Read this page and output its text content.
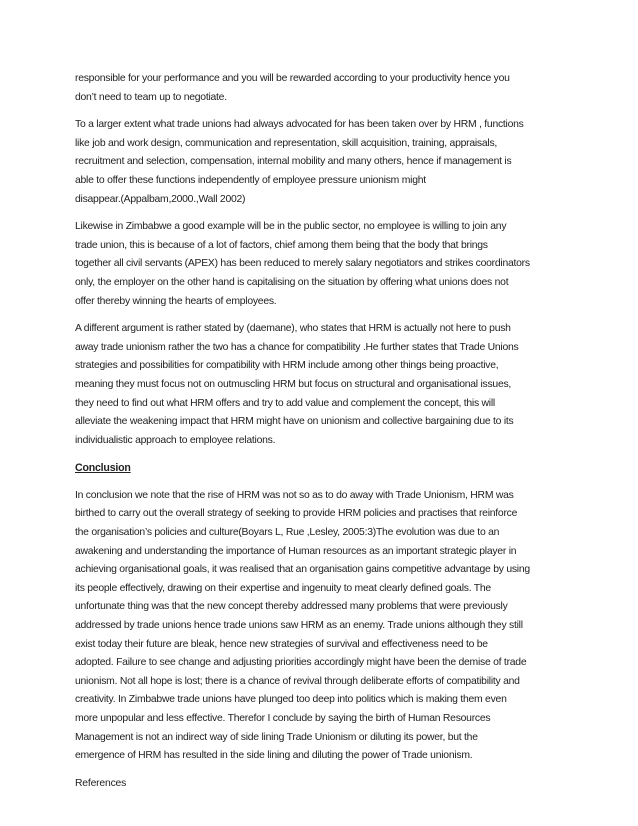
responsible for your performance and you will be rewarded according to your productivity hence you
don’t need to team up to negotiate.
To a larger extent what trade unions had always advocated for has been taken over by HRM , functions
like job and work design, communication and representation, skill acquisition, training, appraisals,
recruitment and selection, compensation, internal mobility and many others, hence if management is
able to offer these functions independently of employee pressure unionism might
disappear.(Appalbam,2000.,Wall 2002)
Likewise in Zimbabwe a good example will be in the public sector, no employee is willing to join any
trade union, this is because of a lot of factors, chief among them being that the body that brings
together all civil servants (APEX) has been reduced to merely salary negotiators and strikes coordinators
only, the employer on the other hand is capitalising on the situation by offering what unions does not
offer thereby winning the hearts of employees.
A different argument is rather stated by (daemane), who states that HRM is actually not here to push
away trade unionism rather the two has a chance for compatibility .He further states that Trade Unions
strategies and possibilities for compatibility with HRM include among other things being proactive,
meaning they must focus not on outmuscling HRM but focus on structural and organisational issues,
they need to find out what HRM offers and try to add value and complement the concept, this will
alleviate the weakening impact that HRM might have on unionism and collective bargaining due to its
individualistic approach to employee relations.
Conclusion
In conclusion we note that the rise of HRM was not so as to do away with Trade Unionism, HRM was
birthed to carry out the overall strategy of seeking to provide HRM policies and practises that reinforce
the organisation’s policies and culture(Boyars L, Rue ,Lesley, 2005:3)The evolution was due to an
awakening and understanding the importance of Human resources as an important strategic player in
achieving organisational goals, it was realised that an organisation gains competitive advantage by using
its people effectively, drawing on their expertise and ingenuity to meat clearly defined goals. The
unfortunate thing was that the new concept thereby addressed many problems that were previously
addressed by trade unions hence trade unions saw HRM as an enemy. Trade unions although they still
exist today their future are bleak, hence new strategies of survival and effectiveness need to be
adopted. Failure to see change and adjusting priorities accordingly might have been the demise of trade
unionism. Not all hope is lost; there is a chance of revival through deliberate efforts of compatibility and
creativity. In Zimbabwe trade unions have plunged too deep into politics which is making them even
more unpopular and less effective. Therefor I conclude by saying the birth of Human Resources
Management is not an indirect way of side lining Trade Unionism or diluting its power, but the
emergence of HRM has resulted in the side lining and diluting the power of Trade unionism.
References
